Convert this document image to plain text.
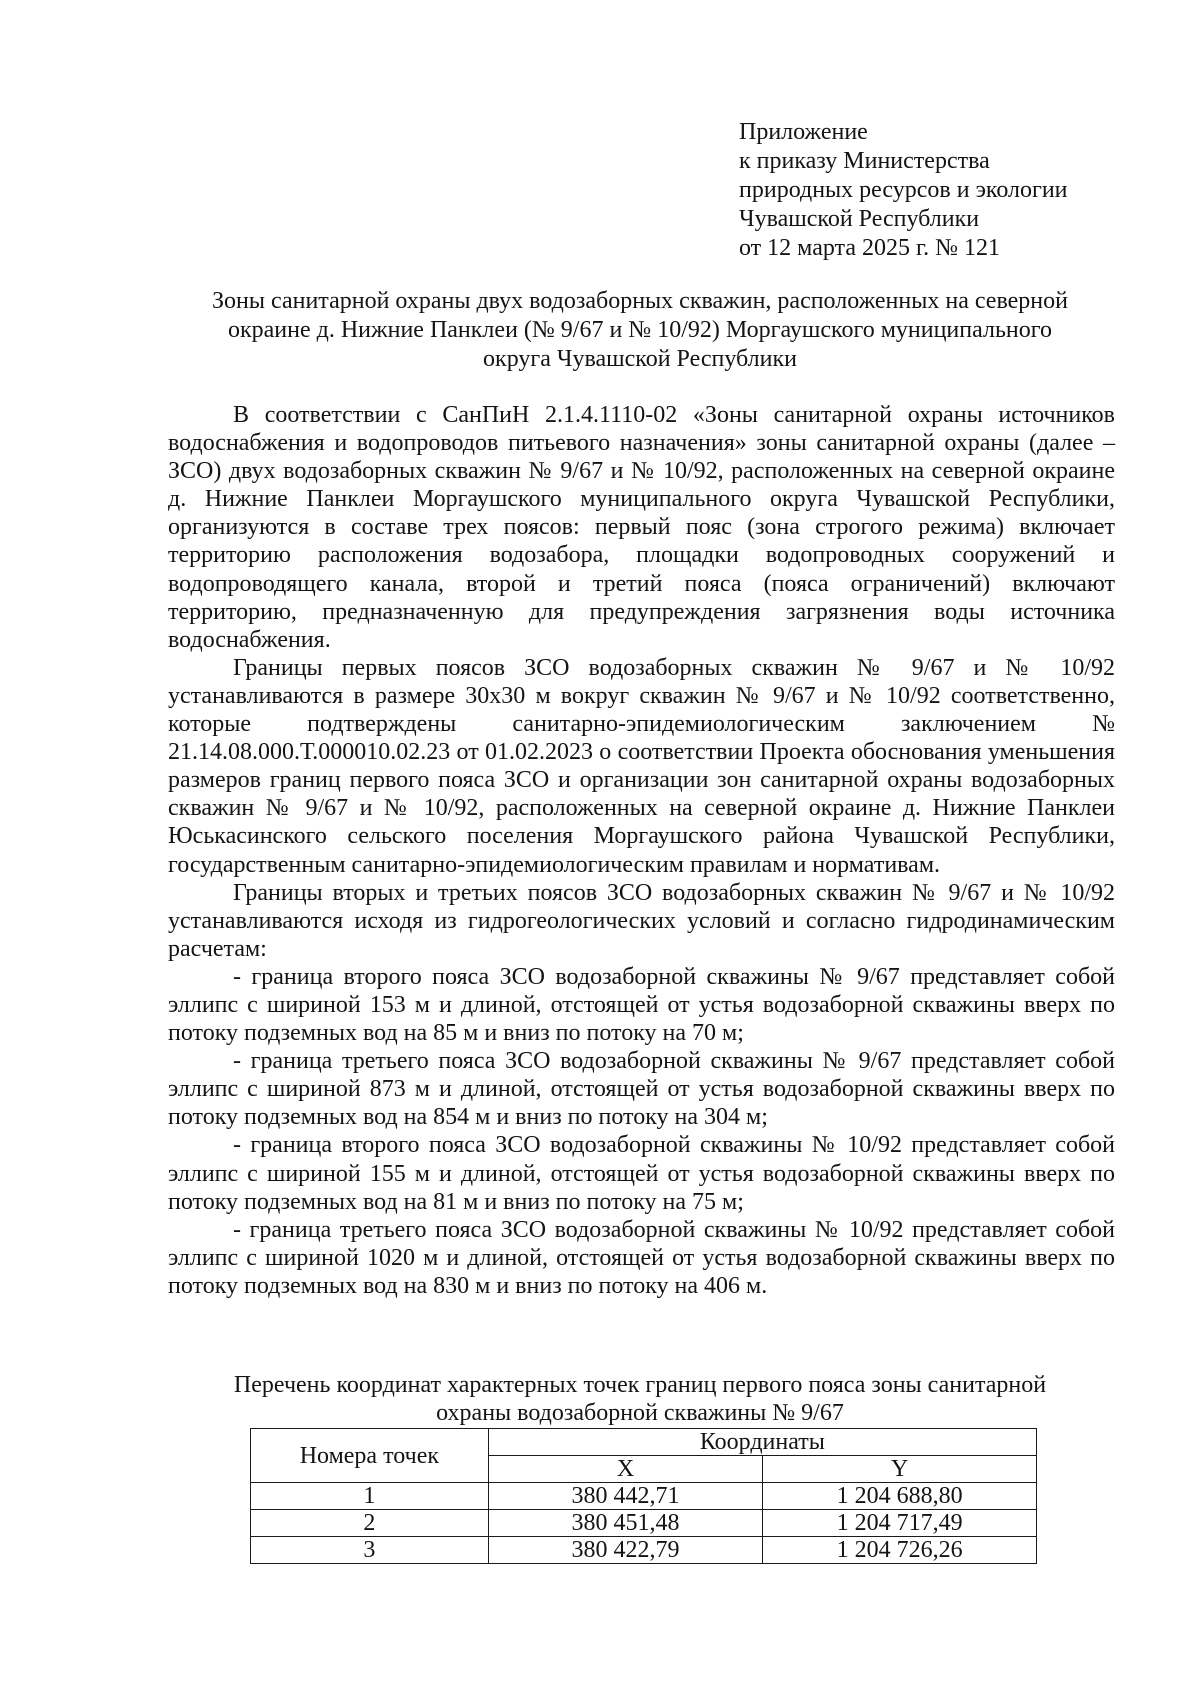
Приложение
к приказу Министерства
природных ресурсов и экологии
Чувашской Республики
от 12 марта 2025 г. № 121
Зоны санитарной охраны двух водозаборных скважин, расположенных на северной
окраине д. Нижние Панклеи (№ 9/67 и № 10/92) Моргаушского муниципального
округа Чувашской Республики

В соответствии с СанПиН 2.1.4.1110-02 «Зоны санитарной охраны источников водоснабжения и водопроводов питьевого назначения» зоны санитарной охраны (далее – ЗСО) двух водозаборных скважин № 9/67 и № 10/92, расположенных на северной окраине д. Нижние Панклеи Моргаушского муниципального округа Чувашской Республики, организуются в составе трех поясов: первый пояс (зона строгого режима) включает территорию расположения водозабора, площадки водопроводных сооружений и водопроводящего канала, второй и третий пояса (пояса ограничений) включают территорию, предназначенную для предупреждения загрязнения воды источника водоснабжения.

Границы первых поясов ЗСО водозаборных скважин № 9/67 и № 10/92 устанавливаются в размере 30х30 м вокруг скважин № 9/67 и № 10/92 соответственно, которые подтверждены санитарно-эпидемиологическим заключением № 21.14.08.000.Т.000010.02.23 от 01.02.2023 о соответствии Проекта обоснования уменьшения размеров границ первого пояса ЗСО и организации зон санитарной охраны водозаборных скважин № 9/67 и № 10/92, расположенных на северной окраине д. Нижние Панклеи Юськасинского сельского поселения Моргаушского района Чувашской Республики, государственным санитарно-эпидемиологическим правилам и нормативам.

Границы вторых и третьих поясов ЗСО водозаборных скважин № 9/67 и № 10/92 устанавливаются исходя из гидрогеологических условий и согласно гидродинамическим расчетам:

- граница второго пояса ЗСО водозаборной скважины № 9/67 представляет собой эллипс с шириной 153 м и длиной, отстоящей от устья водозаборной скважины вверх по потоку подземных вод на 85 м и вниз по потоку на 70 м;

- граница третьего пояса ЗСО водозаборной скважины № 9/67 представляет собой эллипс с шириной 873 м и длиной, отстоящей от устья водозаборной скважины вверх по потоку подземных вод на 854 м и вниз по потоку на 304 м;

- граница второго пояса ЗСО водозаборной скважины № 10/92 представляет собой эллипс с шириной 155 м и длиной, отстоящей от устья водозаборной скважины вверх по потоку подземных вод на 81 м и вниз по потоку на 75 м;

- граница третьего пояса ЗСО водозаборной скважины № 10/92 представляет собой эллипс с шириной 1020 м и длиной, отстоящей от устья водозаборной скважины вверх по потоку подземных вод на 830 м и вниз по потоку на 406 м.

Перечень координат характерных точек границ первого пояса зоны санитарной
охраны водозаборной скважины № 9/67
Номера точек	Координаты	
	X	Y
1	380 442,71	1 204 688,80
2	380 451,48	1 204 717,49
3	380 422,79	1 204 726,26
